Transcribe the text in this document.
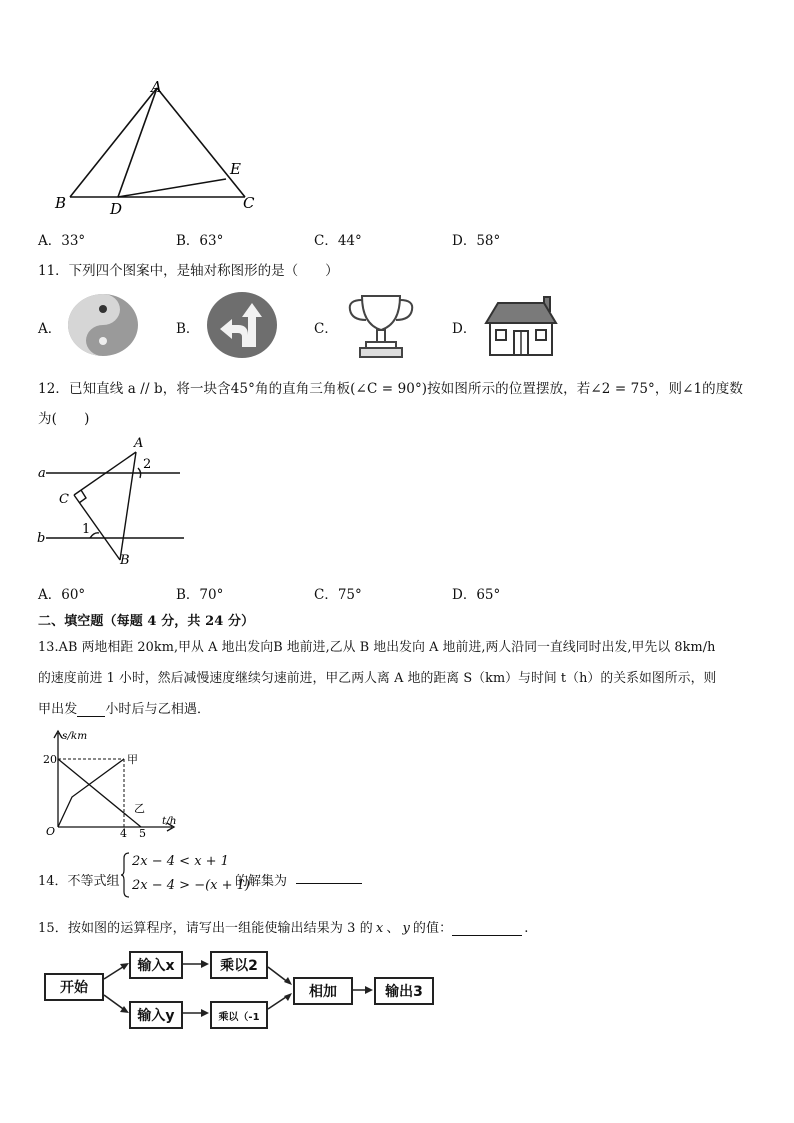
A
B	D
E
C
A．33°	B．63°	C．44°	D．58°
11．下列四个图案中，是轴对称图形的是（　　）
A．	B．	C．	D．
12．已知直线 a // b，将一块含45°角的直角三角板(∠C = 90°)按如图所示的位置摆放，若∠2 = 75°，则∠1的度数
为(　　)
A
2
a
C
1
b
B
A．60°	B．70°	C．75°	D．65°
二、填空题（每题 4 分，共 24 分）
13.AB 两地相距 20km,甲从 A 地出发向B 地前进,乙从 B 地出发向 A 地前进,两人沿同一直线同时出发,甲先以 8km/h
的速度前进 1 小时，然后减慢速度继续匀速前进，甲乙两人离 A 地的距离 S（km）与时间 t（h）的关系如图所示，则
甲出发 小时后与乙相遇．
s/km
20	甲
乙
t/h
O	4 5
14．不等式组
2x − 4 < x + 1
2x − 4 > −(x + 1)
的解集为
15．按如图的运算程序，请写出一组能使输出结果为 3 的 x 、 y 的值：	.
开始
输入x
输入y
乘以2
乘以（-1
相加	输出3
